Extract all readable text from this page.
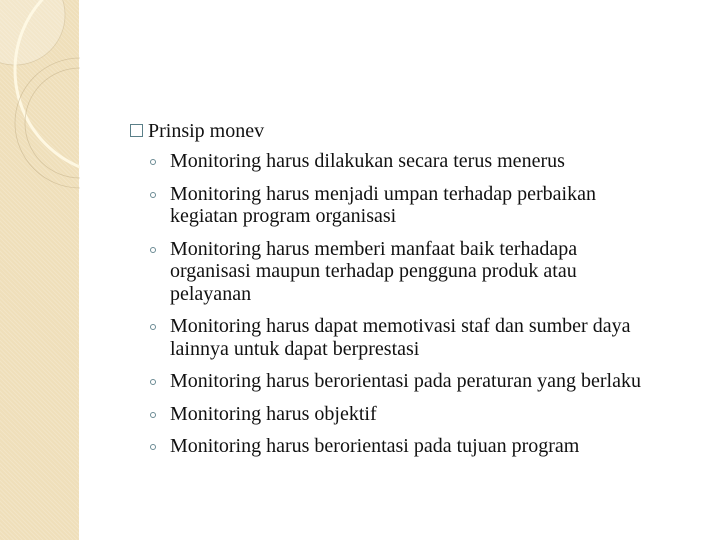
Prinsip monev
Monitoring harus dilakukan secara terus menerus
Monitoring harus menjadi umpan terhadap perbaikan kegiatan program organisasi
Monitoring harus memberi manfaat baik terhadapa organisasi maupun terhadap pengguna produk atau pelayanan
Monitoring harus dapat memotivasi staf dan sumber daya lainnya untuk dapat berprestasi
Monitoring harus berorientasi pada peraturan yang berlaku
Monitoring harus objektif
Monitoring harus berorientasi pada tujuan program
